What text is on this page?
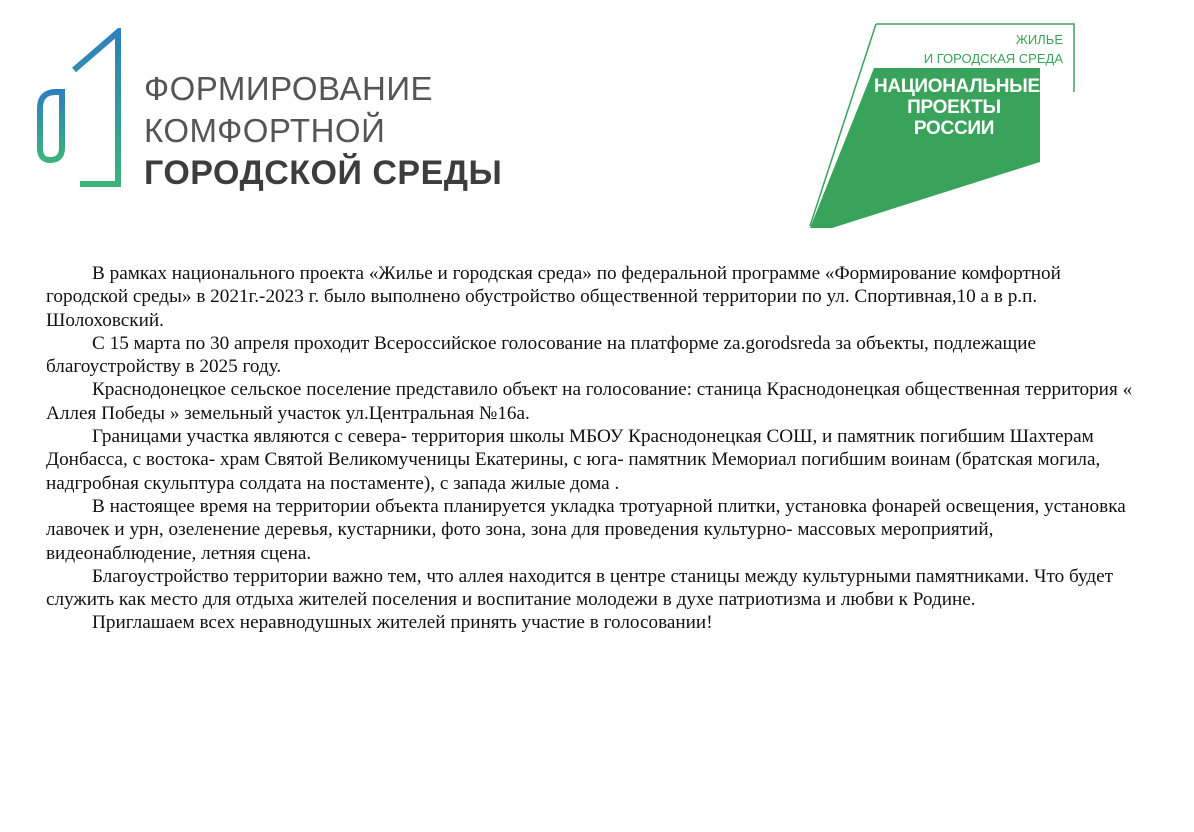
ФОРМИРОВАНИЕ
КОМФОРТНОЙ
ГОРОДСКОЙ СРЕДЫ
ЖИЛЬЕ
И ГОРОДСКАЯ СРЕДА
НАЦИОНАЛЬНЫЕ
ПРОЕКТЫ
РОССИИ

В рамках национального проекта «Жилье и городская среда» по федеральной программе «Формирование комфортной городской среды» в 2021г.-2023 г. было выполнено обустройство общественной территории по ул. Спортивная,10 а в р.п. Шолоховский.

С 15 марта по 30 апреля проходит Всероссийское голосование на платформе za.gorodsreda за объекты, подлежащие благоустройству в 2025 году.

Краснодонецкое сельское поселение представило объект на голосование: станица Краснодонецкая общественная территория « Аллея Победы » земельный участок ул.Центральная №16а.

Границами участка являются с севера- территория школы МБОУ Краснодонецкая СОШ, и памятник погибшим Шахтерам Донбасса, с востока- храм Святой Великомученицы Екатерины, с юга- памятник Мемориал погибшим воинам (братская могила, надгробная скульптура солдата на постаменте), с запада жилые дома .

В настоящее время на территории объекта планируется укладка тротуарной плитки, установка фонарей освещения, установка лавочек и урн, озеленение деревья, кустарники, фото зона, зона для проведения культурно- массовых мероприятий, видеонаблюдение, летняя сцена.

Благоустройство территории важно тем, что аллея находится в центре станицы между культурными памятниками. Что будет служить как место для отдыха жителей поселения и воспитание молодежи в духе патриотизма и любви к Родине.

Приглашаем всех неравнодушных жителей принять участие в голосовании!
